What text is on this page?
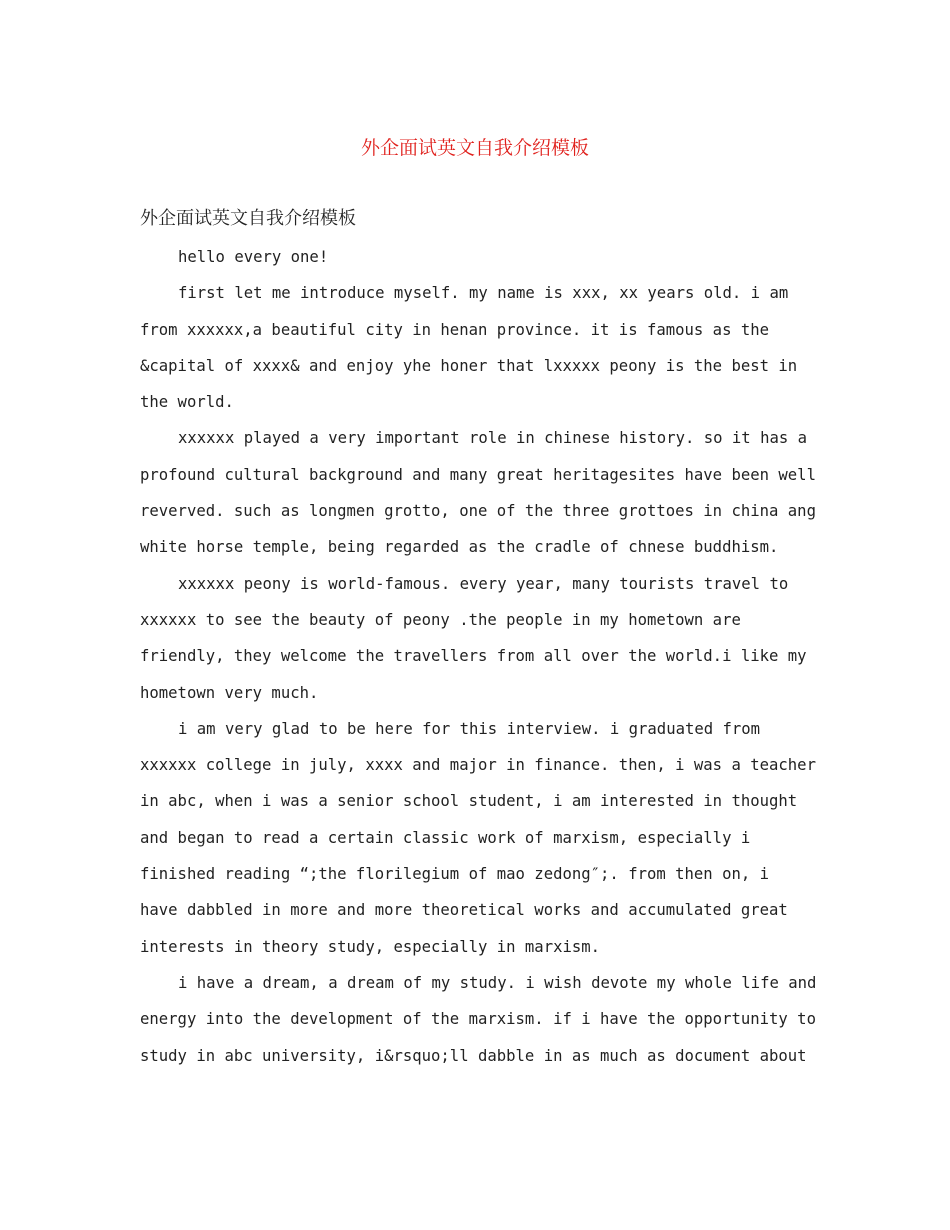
外企面试英文自我介绍模板
外企面试英文自我介绍模板

hello every one!

first let me introduce myself. my name is xxx, xx years old. i am
from xxxxxx,a beautiful city in henan province. it is famous as the
&capital of xxxx& and enjoy yhe honer that lxxxxx peony is the best in
the world.

xxxxxx played a very important role in chinese history. so it has a
profound cultural background and many great heritagesites have been well
reverved. such as longmen grotto, one of the three grottoes in china ang
white horse temple, being regarded as the cradle of chnese buddhism.

xxxxxx peony is world-famous. every year, many tourists travel to
xxxxxx to see the beauty of peony .the people in my hometown are
friendly, they welcome the travellers from all over the world.i like my
hometown very much.

i am very glad to be here for this interview. i graduated from
xxxxxx college in july, xxxx and major in finance. then, i was a teacher
in abc, when i was a senior school student, i am interested in thought
and began to read a certain classic work of marxism, especially i
finished reading “;the florilegium of mao zedong″;. from then on, i
have dabbled in more and more theoretical works and accumulated great
interests in theory study, especially in marxism.

i have a dream, a dream of my study. i wish devote my whole life and
energy into the development of the marxism. if i have the opportunity to
study in abc university, i&rsquo;ll dabble in as much as document about
